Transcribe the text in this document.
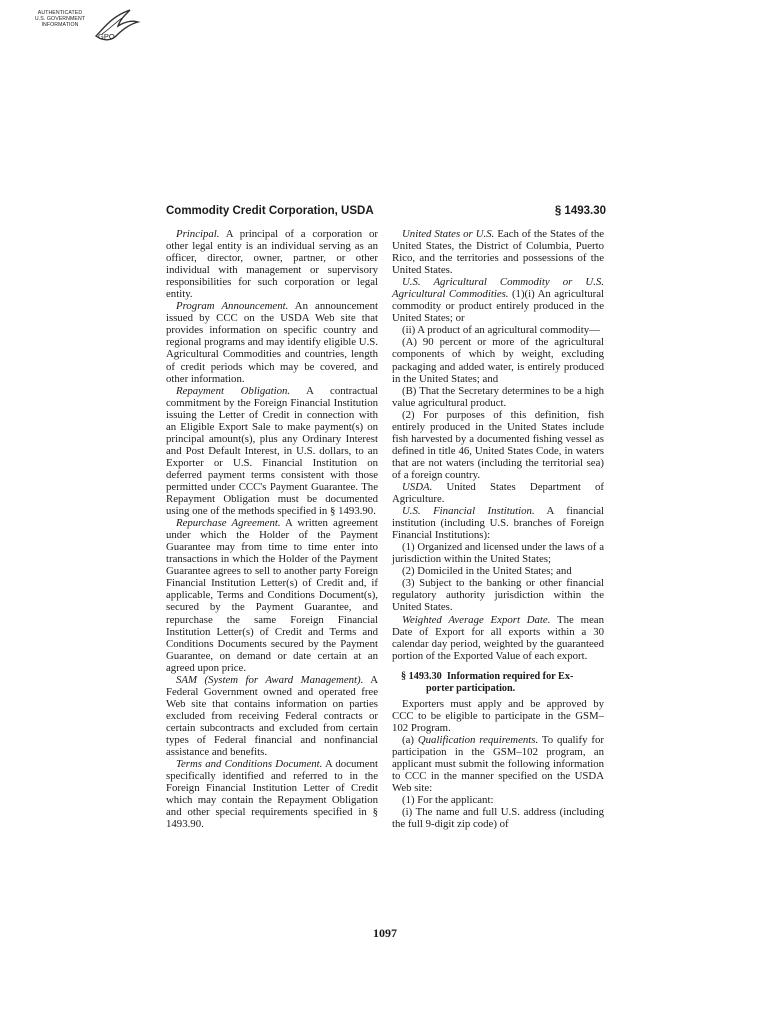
AUTHENTICATED
U.S. GOVERNMENT
INFORMATION
GPO
Commodity Credit Corporation, USDA	§ 1493.30

Principal. A principal of a corporation or other legal entity is an individual serving as an officer, director, owner, partner, or other individual with management or supervisory responsibilities for such corporation or legal entity.

Program Announcement. An announcement issued by CCC on the USDA Web site that provides information on specific country and regional programs and may identify eligible U.S. Agricultural Commodities and countries, length of credit periods which may be covered, and other information.

Repayment Obligation. A contractual commitment by the Foreign Financial Institution issuing the Letter of Credit in connection with an Eligible Export Sale to make payment(s) on principal amount(s), plus any Ordinary Interest and Post Default Interest, in U.S. dollars, to an Exporter or U.S. Financial Institution on deferred payment terms consistent with those permitted under CCC's Payment Guarantee. The Repayment Obligation must be documented using one of the methods specified in § 1493.90.

Repurchase Agreement. A written agreement under which the Holder of the Payment Guarantee may from time to time enter into transactions in which the Holder of the Payment Guarantee agrees to sell to another party Foreign Financial Institution Letter(s) of Credit and, if applicable, Terms and Conditions Document(s), secured by the Payment Guarantee, and repurchase the same Foreign Financial Institution Letter(s) of Credit and Terms and Conditions Documents secured by the Payment Guarantee, on demand or date certain at an agreed upon price.

SAM (System for Award Management). A Federal Government owned and operated free Web site that contains information on parties excluded from receiving Federal contracts or certain subcontracts and excluded from certain types of Federal financial and nonfinancial assistance and benefits.

Terms and Conditions Document. A document specifically identified and referred to in the Foreign Financial Institution Letter of Credit which may contain the Repayment Obligation and other special requirements specified in § 1493.90.

United States or U.S. Each of the States of the United States, the District of Columbia, Puerto Rico, and the territories and possessions of the United States.

U.S. Agricultural Commodity or U.S. Agricultural Commodities. (1)(i) An agricultural commodity or product entirely produced in the United States; or

(ii) A product of an agricultural commodity—

(A) 90 percent or more of the agricultural components of which by weight, excluding packaging and added water, is entirely produced in the United States; and

(B) That the Secretary determines to be a high value agricultural product.

(2) For purposes of this definition, fish entirely produced in the United States include fish harvested by a documented fishing vessel as defined in title 46, United States Code, in waters that are not waters (including the territorial sea) of a foreign country.

USDA. United States Department of Agriculture.

U.S. Financial Institution. A financial institution (including U.S. branches of Foreign Financial Institutions):

(1) Organized and licensed under the laws of a jurisdiction within the United States;

(2) Domiciled in the United States; and

(3) Subject to the banking or other financial regulatory authority jurisdiction within the United States.

Weighted Average Export Date. The mean Date of Export for all exports within a 30 calendar day period, weighted by the guaranteed portion of the Exported Value of each export.

§ 1493.30 Information required for Ex-
porter participation.

Exporters must apply and be approved by CCC to be eligible to participate in the GSM–102 Program.

(a) Qualification requirements. To qualify for participation in the GSM–102 program, an applicant must submit the following information to CCC in the manner specified on the USDA Web site:

(1) For the applicant:

(i) The name and full U.S. address (including the full 9-digit zip code) of

1097
